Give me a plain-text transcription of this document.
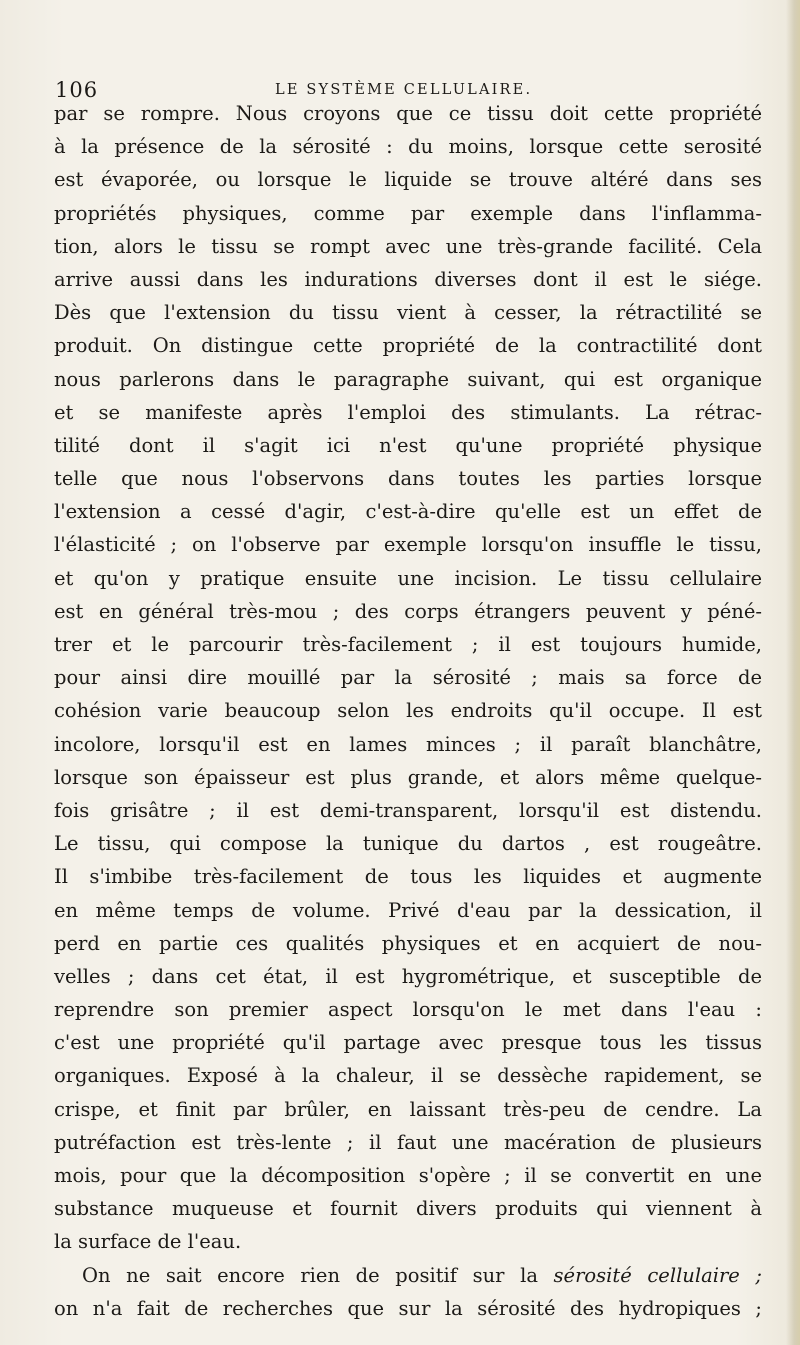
106	LE SYSTÈME CELLULAIRE.
par se rompre. Nous croyons que ce tissu doit cette propriété
à la présence de la sérosité : du moins, lorsque cette serosité
est évaporée, ou lorsque le liquide se trouve altéré dans ses
propriétés physiques, comme par exemple dans l'inflamma-
tion, alors le tissu se rompt avec une très-grande facilité. Cela
arrive aussi dans les indurations diverses dont il est le siége.
Dès que l'extension du tissu vient à cesser, la rétractilité se
produit. On distingue cette propriété de la contractilité dont
nous parlerons dans le paragraphe suivant, qui est organique
et se manifeste après l'emploi des stimulants. La rétrac-
tilité dont il s'agit ici n'est qu'une propriété physique
telle que nous l'observons dans toutes les parties lorsque
l'extension a cessé d'agir, c'est-à-dire qu'elle est un effet de
l'élasticité ; on l'observe par exemple lorsqu'on insuffle le tissu,
et qu'on y pratique ensuite une incision. Le tissu cellulaire
est en général très-mou ; des corps étrangers peuvent y péné-
trer et le parcourir très-facilement ; il est toujours humide,
pour ainsi dire mouillé par la sérosité ; mais sa force de
cohésion varie beaucoup selon les endroits qu'il occupe. Il est
incolore, lorsqu'il est en lames minces ; il paraît blanchâtre,
lorsque son épaisseur est plus grande, et alors même quelque-
fois grisâtre ; il est demi-transparent, lorsqu'il est distendu.
Le tissu, qui compose la tunique du dartos , est rougeâtre.
Il s'imbibe très-facilement de tous les liquides et augmente
en même temps de volume. Privé d'eau par la dessication, il
perd en partie ces qualités physiques et en acquiert de nou-
velles ; dans cet état, il est hygrométrique, et susceptible de
reprendre son premier aspect lorsqu'on le met dans l'eau :
c'est une propriété qu'il partage avec presque tous les tissus
organiques. Exposé à la chaleur, il se dessèche rapidement, se
crispe, et finit par brûler, en laissant très-peu de cendre. La
putréfaction est très-lente ; il faut une macération de plusieurs
mois, pour que la décomposition s'opère ; il se convertit en une
substance muqueuse et fournit divers produits qui viennent à
la surface de l'eau.
On ne sait encore rien de positif sur la sérosité cellulaire ;
on n'a fait de recherches que sur la sérosité des hydropiques ;
